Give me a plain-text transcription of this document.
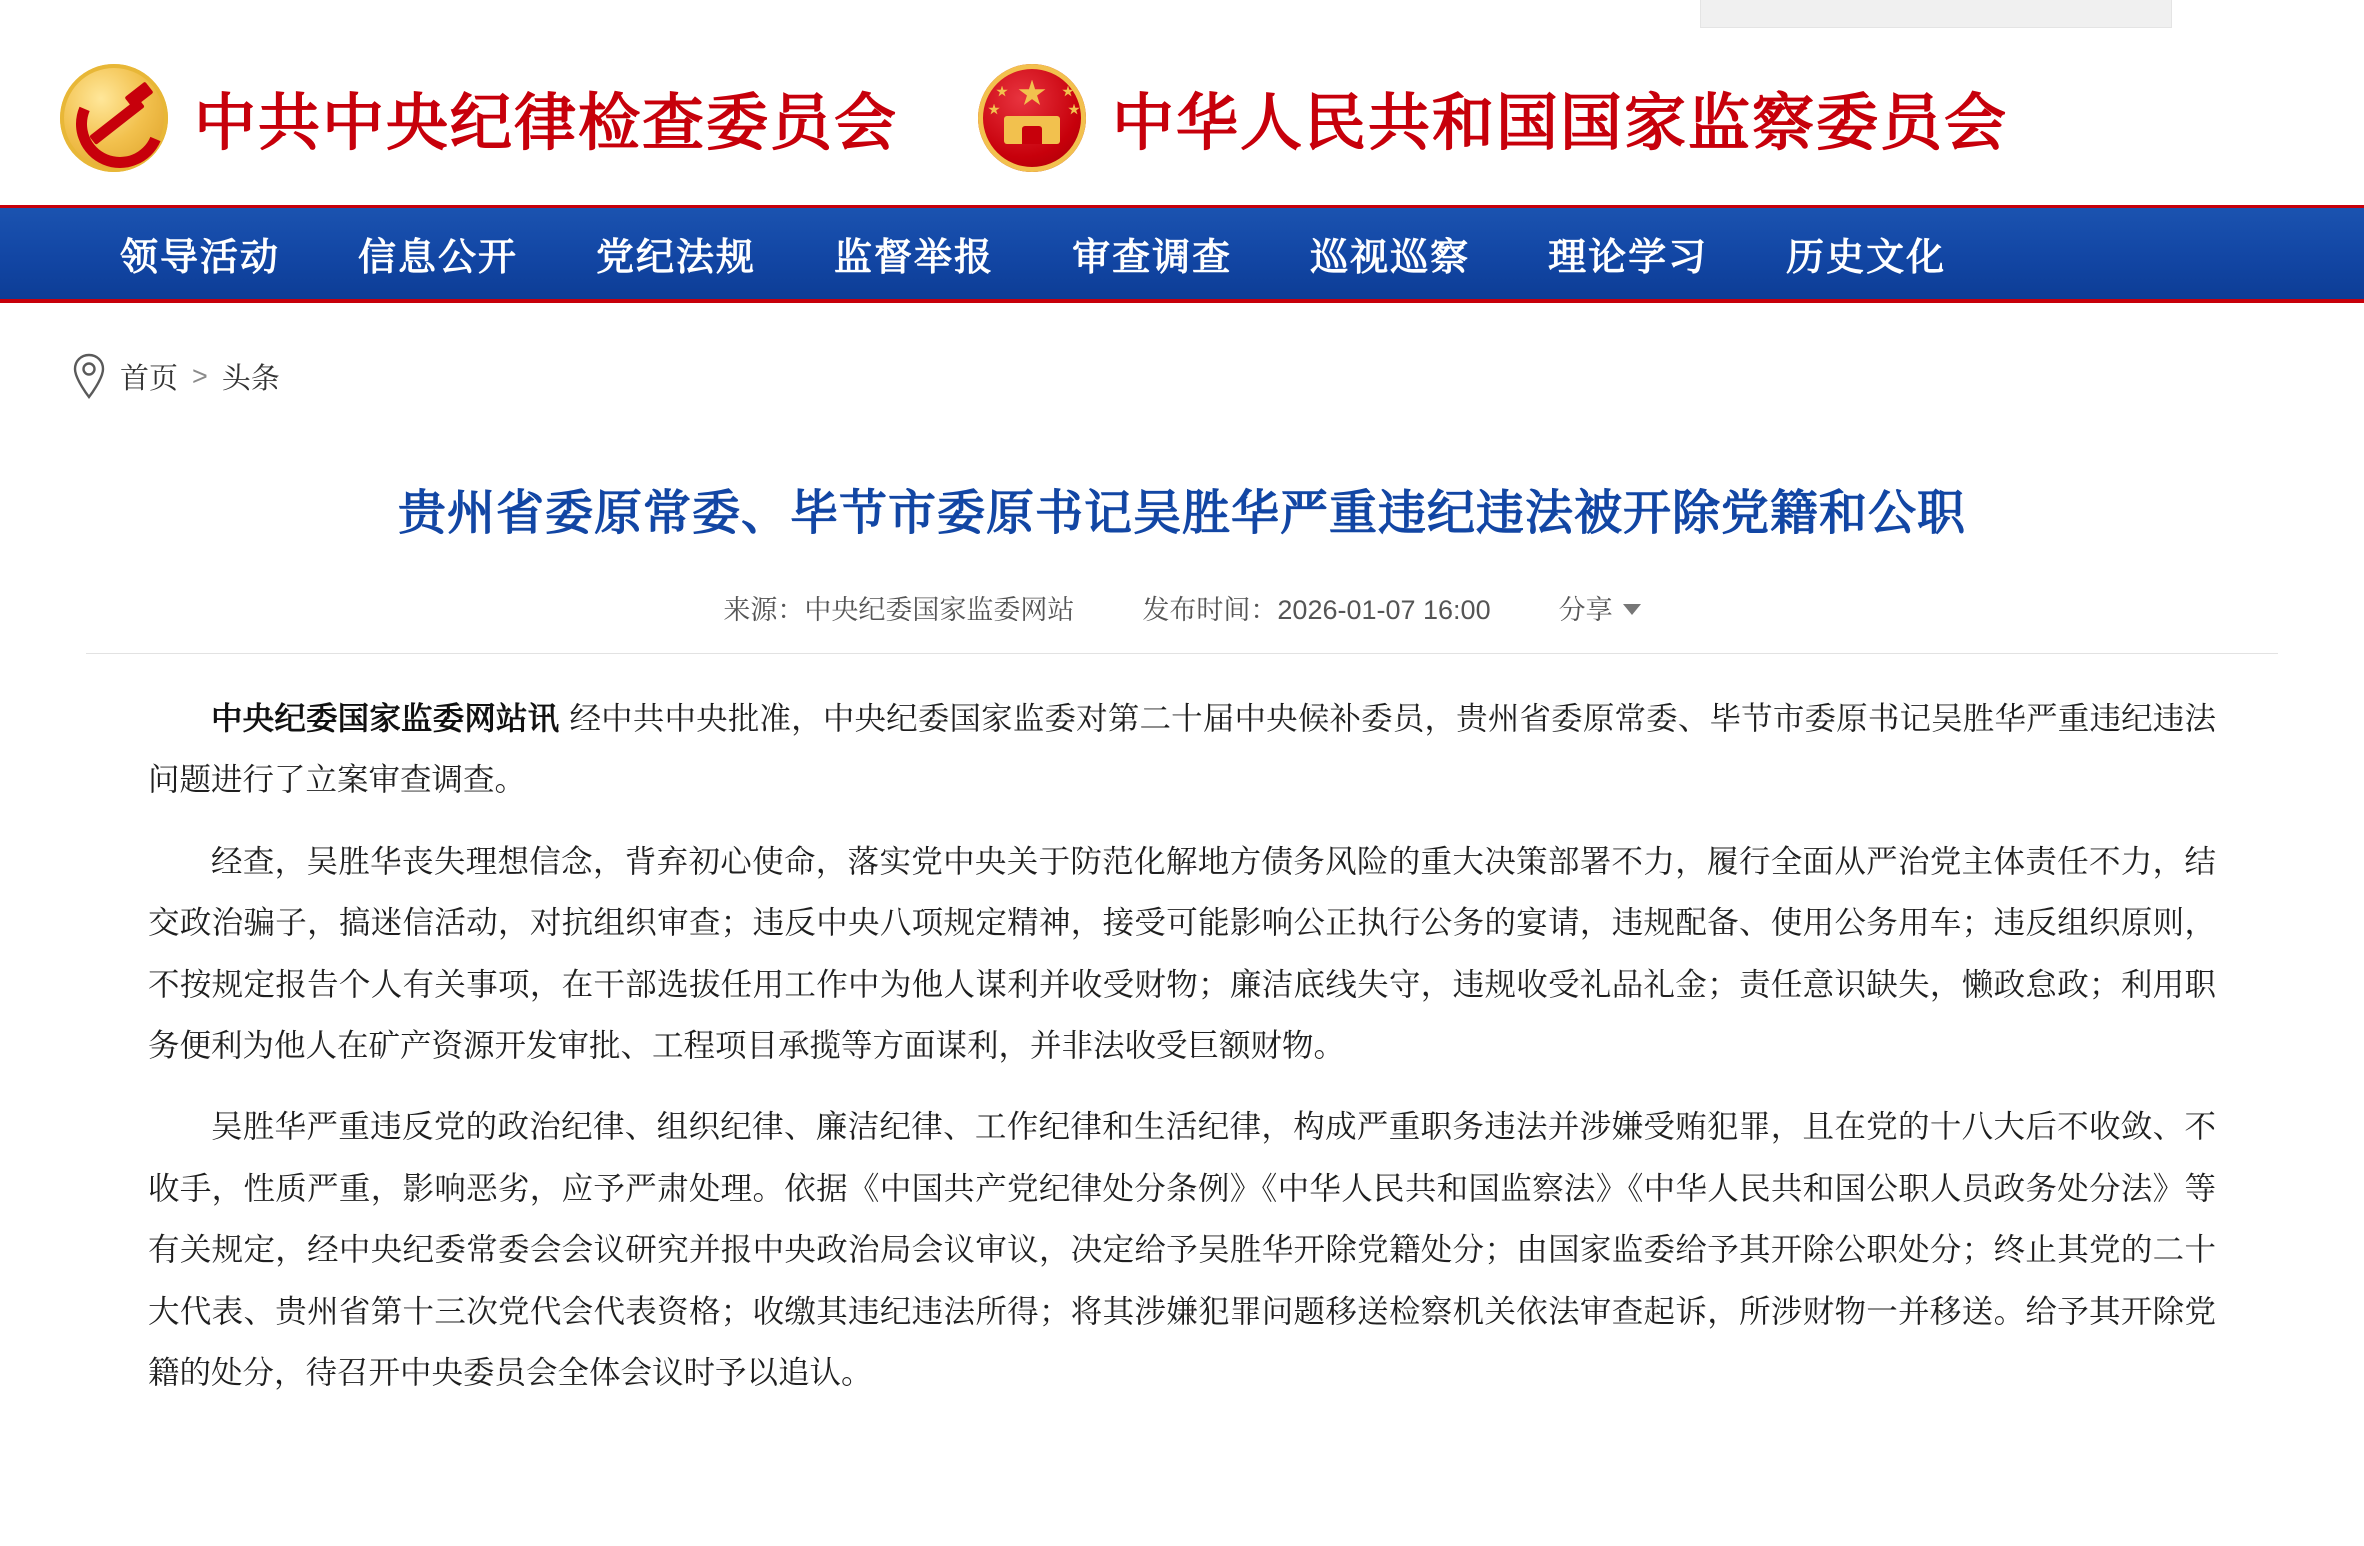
中共中央纪律检查委员会	中华人民共和国国家监察委员会
领导活动 信息公开 党纪法规 监督举报 审查调查 巡视巡察 理论学习 历史文化
首页 > 头条
贵州省委原常委、毕节市委原书记吴胜华严重违纪违法被开除党籍和公职
来源：中央纪委国家监委网站	发布时间：2026-01-07 16:00	分享

中央纪委国家监委网站讯 经中共中央批准，中央纪委国家监委对第二十届中央候补委员，贵州省委原常委、毕节市委原书记吴胜华严重违纪违法问题进行了立案审查调查。

经查，吴胜华丧失理想信念，背弃初心使命，落实党中央关于防范化解地方债务风险的重大决策部署不力，履行全面从严治党主体责任不力，结交政治骗子，搞迷信活动，对抗组织审查；违反中央八项规定精神，接受可能影响公正执行公务的宴请，违规配备、使用公务用车；违反组织原则，不按规定报告个人有关事项，在干部选拔任用工作中为他人谋利并收受财物；廉洁底线失守，违规收受礼品礼金；责任意识缺失，懒政怠政；利用职务便利为他人在矿产资源开发审批、工程项目承揽等方面谋利，并非法收受巨额财物。

吴胜华严重违反党的政治纪律、组织纪律、廉洁纪律、工作纪律和生活纪律，构成严重职务违法并涉嫌受贿犯罪，且在党的十八大后不收敛、不收手，性质严重，影响恶劣，应予严肃处理。依据《中国共产党纪律处分条例》《中华人民共和国监察法》《中华人民共和国公职人员政务处分法》等有关规定，经中央纪委常委会会议研究并报中央政治局会议审议，决定给予吴胜华开除党籍处分；由国家监委给予其开除公职处分；终止其党的二十大代表、贵州省第十三次党代会代表资格；收缴其违纪违法所得；将其涉嫌犯罪问题移送检察机关依法审查起诉，所涉财物一并移送。给予其开除党籍的处分，待召开中央委员会全体会议时予以追认。
